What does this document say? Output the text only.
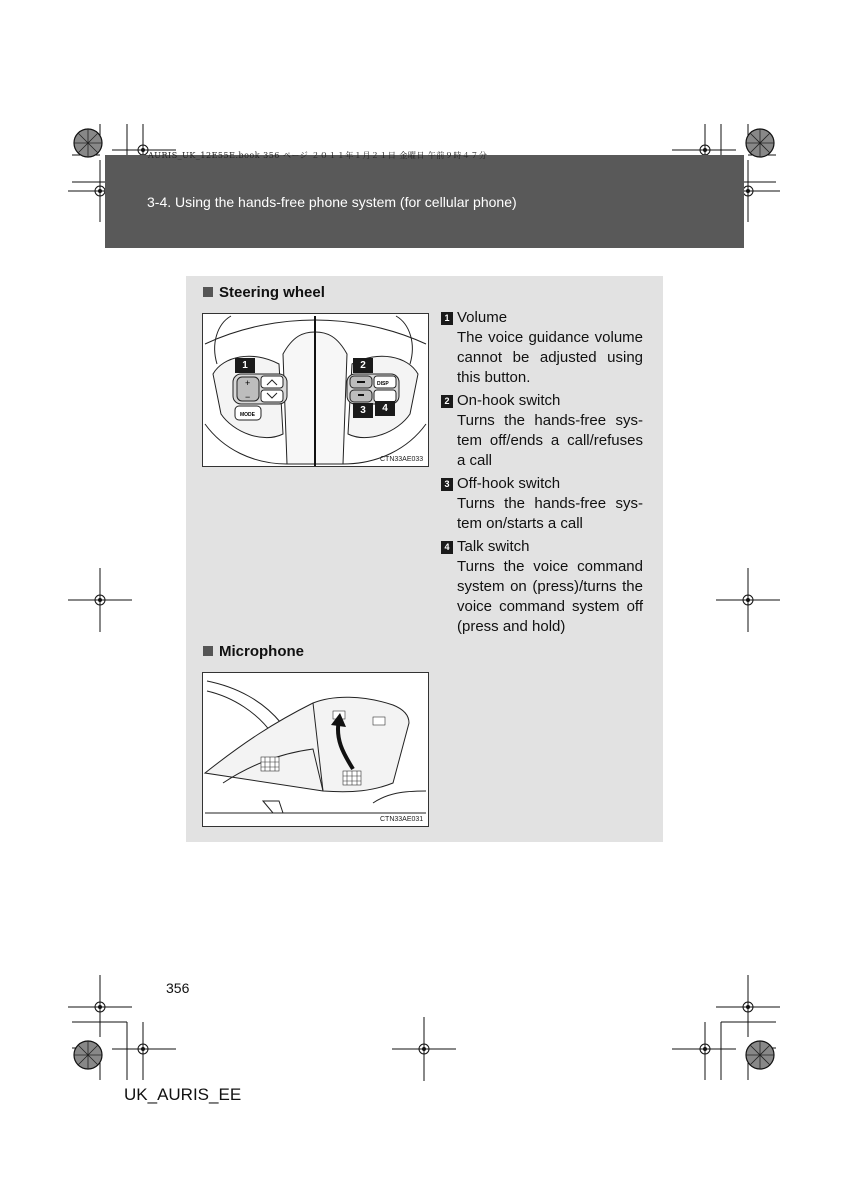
AURIS_UK_12E55E.book 356 ページ ２０１１年１月２１日 金曜日 午前９時４７分
3-4. Using the hands-free phone system (for cellular phone)
Steering wheel
+
−
MODE
DISP
1	2
3	4
CTN33AE033
1 Volume
The voice guidance volume cannot be adjusted using this button.
2 On-hook switch
Turns the hands-free sys-tem off/ends a call/refuses a call
3 Off-hook switch
Turns the hands-free sys-tem on/starts a call
4 Talk switch
Turns the voice command system on (press)/turns the voice command system off (press and hold)
Microphone
CTN33AE031
356
UK_AURIS_EE
